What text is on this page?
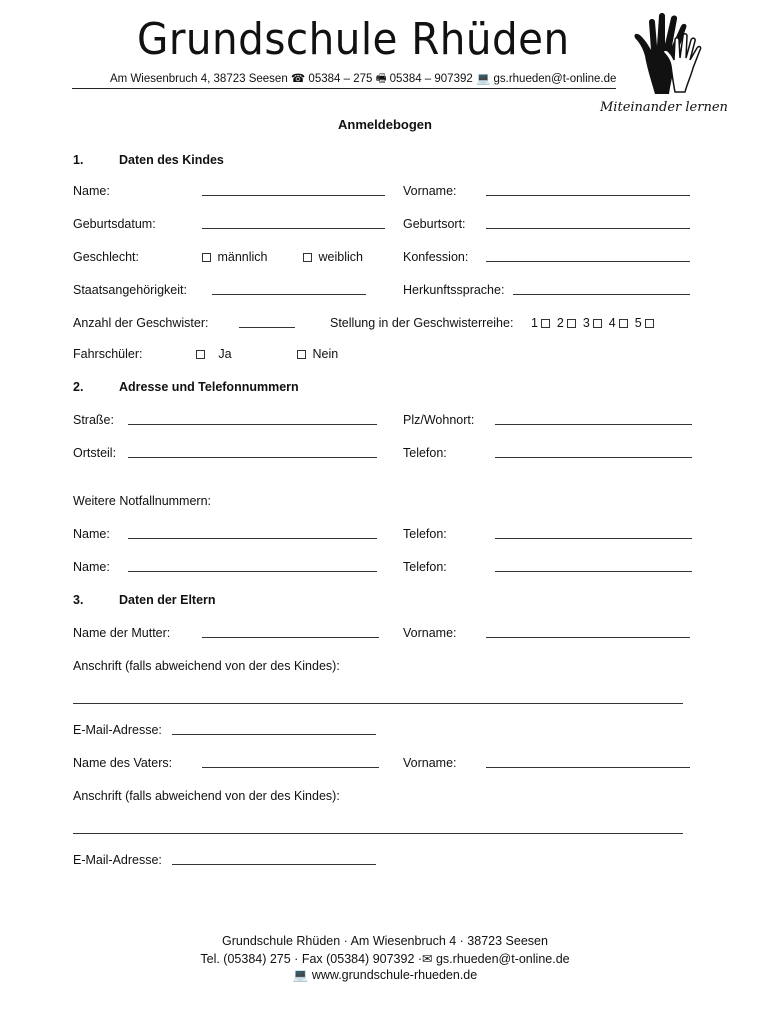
Grundschule Rhüden
Am Wiesenbruch 4, 38723 Seesen ☎ 05384 – 275 🖷 05384 – 907392 💻 gs.rhueden@t-online.de
Miteinander lernen
Anmeldebogen
1.	Daten des Kindes
Name:	Vorname:
Geburtsdatum:	Geburtsort:
Geschlecht:	männlich	weiblich	Konfession:
Staatsangehörigkeit:	Herkunftssprache:
Anzahl der Geschwister:	Stellung in der Geschwisterreihe: 1 2 3 4 5
Fahrschüler:	Ja	Nein
2.	Adresse und Telefonnummern
Straße:	Plz/Wohnort:
Ortsteil:	Telefon:
Weitere Notfallnummern:
Name:	Telefon:
Name:	Telefon:
3.	Daten der Eltern
Name der Mutter:	Vorname:
Anschrift (falls abweichend von der des Kindes):
E-Mail-Adresse:
Name des Vaters:	Vorname:
Anschrift (falls abweichend von der des Kindes):
E-Mail-Adresse:
Grundschule Rhüden · Am Wiesenbruch 4 · 38723 Seesen
Tel. (05384) 275 · Fax (05384) 907392 ·✉ gs.rhueden@t-online.de
💻 www.grundschule-rhueden.de
